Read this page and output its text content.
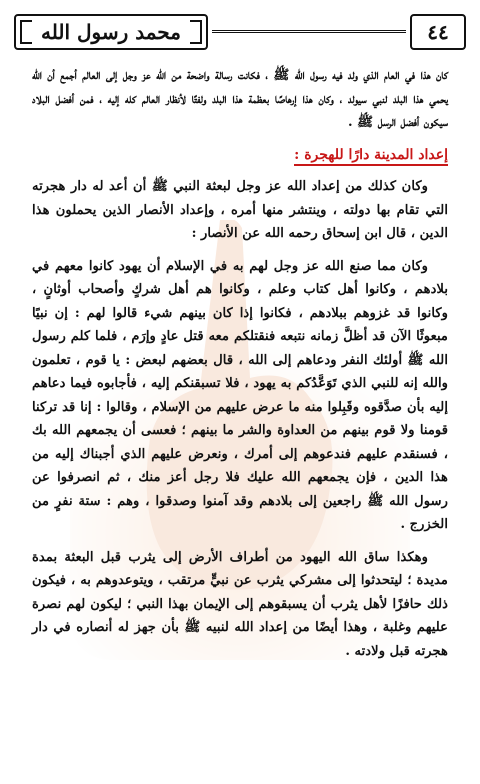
محمد رسول الله	٤٤

كان هذا في العام الذي ولد فيه رسول الله ﷺ ، فكانت رسالة واضحة من الله عز وجل إلى العالم أجمع أن الله يحمي هذا البلد لنبي سيولد ، وكان هذا إرهاصًا بعظمة هذا البلد ولفتًا لأنظار العالم كله إليه ، فمن أفضل البلاد سيكون أفضل الرسل ﷺ .

إعداد المدينة دارًا للهجرة :

وكان كذلك من إعداد الله عز وجل لبعثة النبي ﷺ أن أعد له دار هجرته التي تقام بها دولته ، وينتشر منها أمره ، وإعداد الأنصار الذين يحملون هذا الدين ، قال ابن إسحاق رحمه الله عن الأنصار :

وكان مما صنع الله عز وجل لهم به في الإسلام أن يهود كانوا معهم في بلادهم ، وكانوا أهل كتاب وعلم ، وكانوا هم أهل شركٍ وأصحاب أوثانٍ ، وكانوا قد غزوهم ببلادهم ، فكانوا إذا كان بينهم شيء قالوا لهم : إن نبيًا مبعوثًا الآن قد أظلَّ زمانه نتبعه فنقتلكم معه قتل عادٍ وإرَم ، فلما كلم رسول الله ﷺ أولئك النفر ودعاهم إلى الله ، قال بعضهم لبعض : يا قوم ، تعلمون والله إنه للنبي الذي تَوَعَّدُكم به يهود ، فلا تسبقنكم إليه ، فأجابوه فيما دعاهم إليه بأن صدَّقوه وقَبِلوا منه ما عرض عليهم من الإسلام ، وقالوا : إنا قد تركنا قومنا ولا قوم بينهم من العداوة والشر ما بينهم ؛ فعسى أن يجمعهم الله بك ، فسنقدم عليهم فندعوهم إلى أمرك ، ونعرض عليهم الذي أجبناك إليه من هذا الدين ، فإن يجمعهم الله عليك فلا رجل أعز منك ، ثم انصرفوا عن رسول الله ﷺ راجعين إلى بلادهم وقد آمنوا وصدقوا ، وهم : ستة نفرٍ من الخزرج .

وهكذا ساق الله اليهود من أطراف الأرض إلى يثرب قبل البعثة بمدة مديدة ؛ ليتحدثوا إلى مشركي يثرب عن نبيٍّ مرتقب ، ويتوعدوهم به ، فيكون ذلك حافزًا لأهل يثرب أن يسبقوهم إلى الإيمان بهذا النبي ؛ ليكون لهم نصرة عليهم وغلبة ، وهذا أيضًا من إعداد الله لنبيه ﷺ بأن جهز له أنصاره في دار هجرته قبل ولادته .
